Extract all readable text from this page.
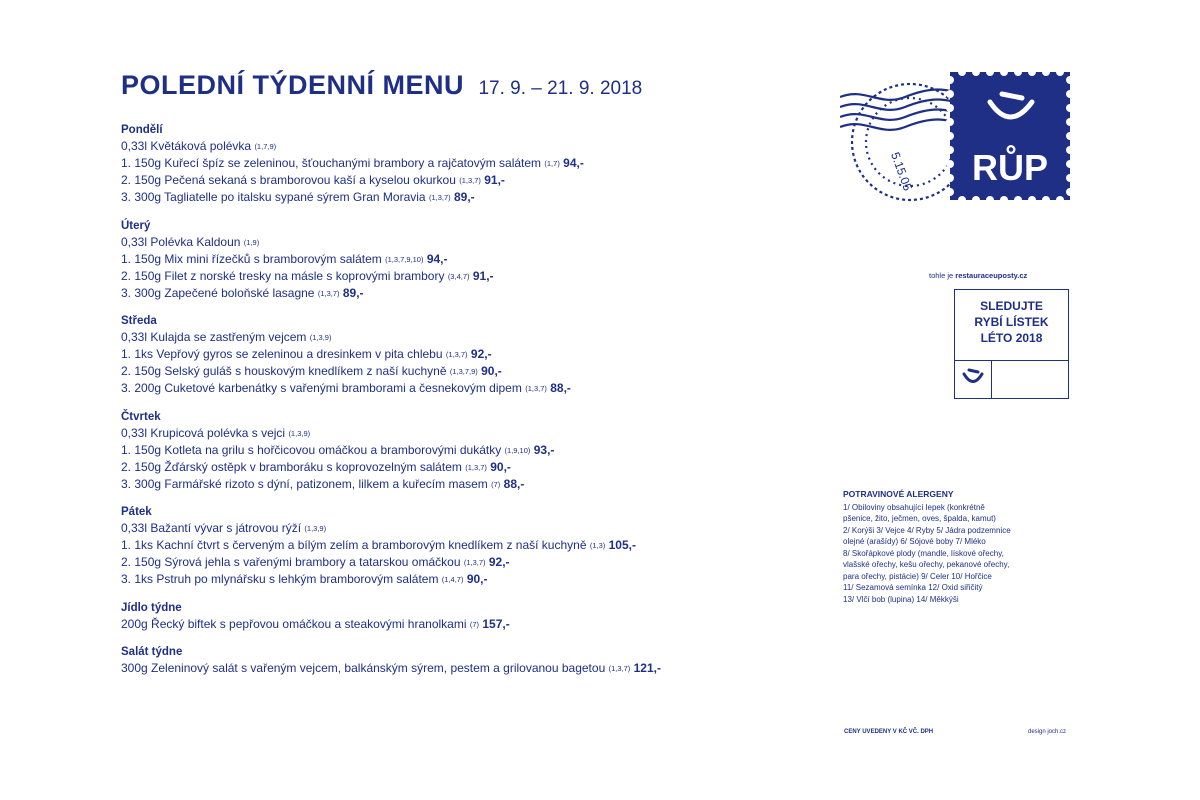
POLEDNÍ TÝDENNÍ MENU 17. 9. – 21. 9. 2018
Pondělí
0,33l Květáková polévka (1,7,9)
1. 150g Kuřecí špíz se zeleninou, šťouchanými brambory a rajčatovým salátem (1,7) 94,-
2. 150g Pečená sekaná s bramborovou kaší a kyselou okurkou (1,3,7) 91,-
3. 300g Tagliatelle po italsku sypané sýrem Gran Moravia (1,3,7) 89,-
Úterý
0,33l Polévka Kaldoun (1,9)
1. 150g Mix mini řízečků s bramborovým salátem (1,3,7,9,10) 94,-
2. 150g Filet z norské tresky na másle s koprovými brambory (3,4,7) 91,-
3. 300g Zapečené boloňské lasagne (1,3,7) 89,-
Středa
0,33l Kulajda se zastřeným vejcem (1,3,9)
1. 1ks Vepřový gyros se zeleninou a dresinkem v pita chlebu (1,3,7) 92,-
2. 150g Selský guláš s houskovým knedlíkem z naší kuchyně (1,3,7,9) 90,-
3. 200g Cuketové karbenátky s vařenými bramborami a česnekovým dipem (1,3,7) 88,-
Čtvrtek
0,33l Krupicová polévka s vejci (1,3,9)
1. 150g Kotleta na grilu s hořčicovou omáčkou a bramborovými dukátky (1,9,10) 93,-
2. 150g Žďárský ostěpk v bramboráku s koprovozelným salátem (1,3,7) 90,-
3. 300g Farmářské rizoto s dýní, patizonem, lilkem a kuřecím masem (7) 88,-
Pátek
0,33l Bažantí vývar s játrovou rýží (1,3,9)
1. 1ks Kachní čtvrt s červeným a bílým zelím a bramborovým knedlíkem z naší kuchyně (1,3) 105,-
2. 150g Sýrová jehla s vařenými brambory a tatarskou omáčkou (1,3,7) 92,-
3. 1ks Pstruh po mlynářsku s lehkým bramborovým salátem (1,4,7) 90,-
Jídlo týdne
200g Řecký biftek s pepřovou omáčkou a steakovými hranolkami (7) 157,-
Salát týdne
300g Zeleninový salát s vařeným vejcem, balkánským sýrem, pestem a grilovanou bagetou (1,3,7) 121,-
5.15.05 RŮP
tohle je restauraceuposty.cz
SLEDUJTE
RYBÍ LÍSTEK
LÉTO 2018
POTRAVINOVÉ ALERGENY
1/ Obiloviny obsahující lepek (konkrétně
pšenice, žito, ječmen, oves, špalda, kamut)
2/ Korýši 3/ Vejce 4/ Ryby 5/ Jádra podzemnice
olejné (arašídy) 6/ Sójové boby 7/ Mléko
8/ Skořápkové plody (mandle, lískové ořechy,
vlašské ořechy, kešu ořechy, pekanové ořechy,
para ořechy, pistácie) 9/ Celer 10/ Hořčice
11/ Sezamová semínka 12/ Oxid siřičitý
13/ Vlčí bob (lupina) 14/ Měkkýši
CENY UVEDENY V KČ VČ. DPH	design joch.cz
